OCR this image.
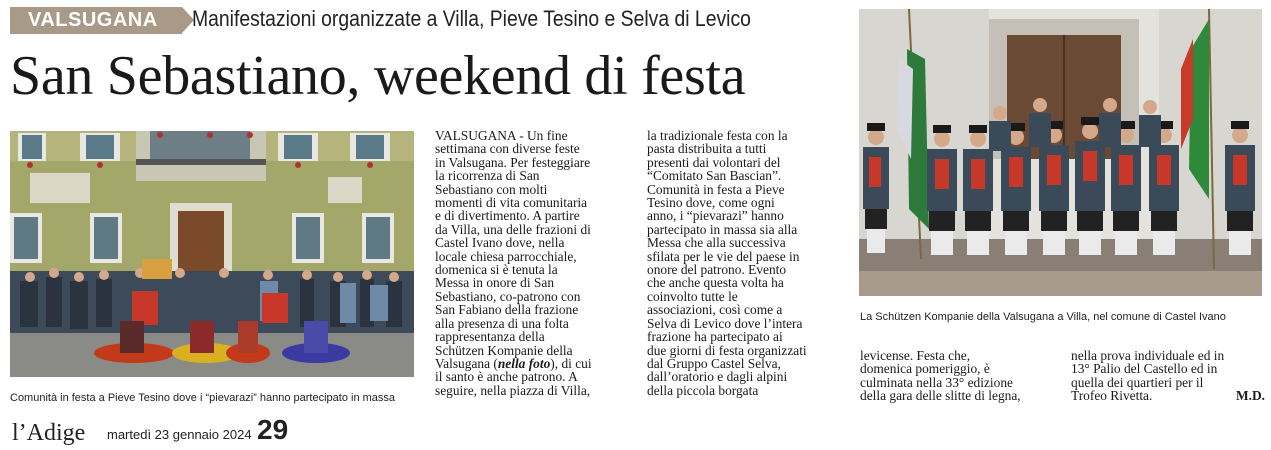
VALSUGANA Manifestazioni organizzate a Villa, Pieve Tesino e Selva di Levico
San Sebastiano, weekend di festa
Comunità in festa a Pieve Tesino dove i “pievarazi” hanno partecipato in massa
La Schützen Kompanie della Valsugana a Villa, nel comune di Castel Ivano

VALSUGANA - Un fine

settimana con diverse feste

in Valsugana. Per festeggiare

la ricorrenza di San

Sebastiano con molti

momenti di vita comunitaria

e di divertimento. A partire

da Villa, una delle frazioni di

Castel Ivano dove, nella

locale chiesa parrocchiale,

domenica si è tenuta la

Messa in onore di San

Sebastiano, co-patrono con

San Fabiano della frazione

alla presenza di una folta

rappresentanza della

Schützen Kompanie della

Valsugana (nella foto), di cui

il santo è anche patrono. A

seguire, nella piazza di Villa,

la tradizionale festa con la

pasta distribuita a tutti

presenti dai volontari del

“Comitato San Bascian”.

Comunità in festa a Pieve

Tesino dove, come ogni

anno, i “pievarazi” hanno

partecipato in massa sia alla

Messa che alla successiva

sfilata per le vie del paese in

onore del patrono. Evento

che anche questa volta ha

coinvolto tutte le

associazioni, così come a

Selva di Levico dove l’intera

frazione ha partecipato ai

due giorni di festa organizzati

dal Gruppo Castel Selva,

dall’oratorio e dagli alpini

della piccola borgata

levicense. Festa che,

domenica pomeriggio, è

culminata nella 33° edizione

della gara delle slitte di legna,

nella prova individuale ed in

13° Palio del Castello ed in

quella dei quartieri per il

Trofeo Rivetta.	M.D.
l’Adige martedì 23 gennaio 2024 29
